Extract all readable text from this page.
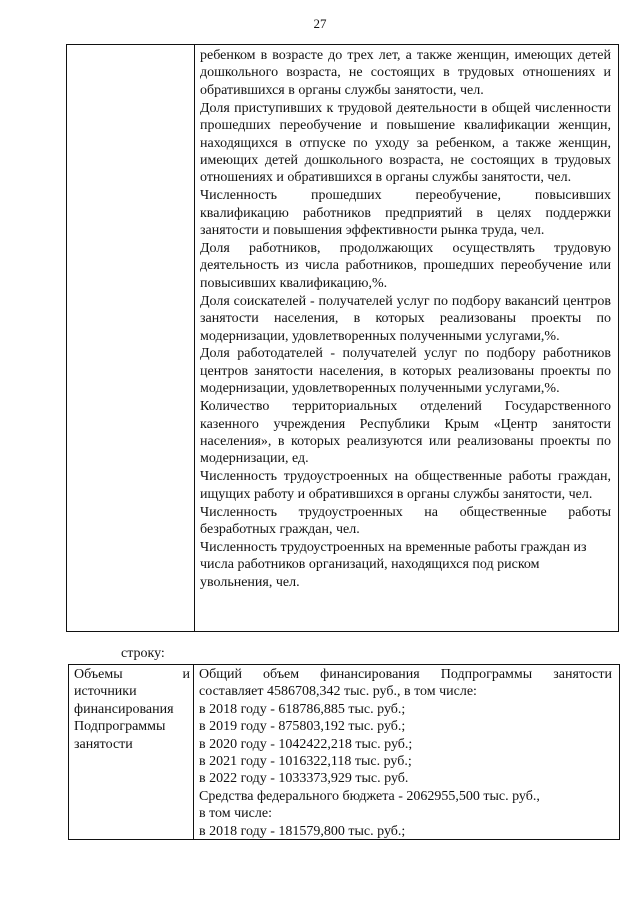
27

ребенком в возрасте до трех лет, а также женщин, имеющих детей дошкольного возраста, не состоящих в трудовых отношениях и обратившихся в органы службы занятости, чел.

Доля приступивших к трудовой деятельности в общей численности прошедших переобучение и повышение квалификации женщин, находящихся в отпуске по уходу за ребенком, а также женщин, имеющих детей дошкольного возраста, не состоящих в трудовых отношениях и обратившихся в органы службы занятости, чел.

Численность прошедших переобучение, повысивших квалификацию работников предприятий в целях поддержки занятости и повышения эффективности рынка труда, чел.

Доля работников, продолжающих осуществлять трудовую деятельность из числа работников, прошедших переобучение или повысивших квалификацию,%.

Доля соискателей - получателей услуг по подбору вакансий центров занятости населения, в которых реализованы проекты по модернизации, удовлетворенных полученными услугами,%.

Доля работодателей - получателей услуг по подбору работников центров занятости населения, в которых реализованы проекты по модернизации, удовлетворенных полученными услугами,%.

Количество территориальных отделений Государственного казенного учреждения Республики Крым «Центр занятости населения», в которых реализуются или реализованы проекты по модернизации, ед.

Численность трудоустроенных на общественные работы граждан, ищущих работу и обратившихся в органы службы занятости, чел.

Численность трудоустроенных на общественные работы безработных граждан, чел.

Численность трудоустроенных на временные работы граждан из числа работников организаций, находящихся под риском увольнения, чел.

строку:
Объемы	и
источники
финансирования
Подпрограммы
занятости
Общий объем финансирования Подпрограммы занятости
составляет 4586708,342 тыс. руб., в том числе:
в 2018 году - 618786,885 тыс. руб.;
в 2019 году - 875803,192 тыс. руб.;
в 2020 году - 1042422,218 тыс. руб.;
в 2021 году - 1016322,118 тыс. руб.;
в 2022 году - 1033373,929 тыс. руб.
Средства федерального бюджета - 2062955,500 тыс. руб.,
в том числе:
в 2018 году - 181579,800 тыс. руб.;
